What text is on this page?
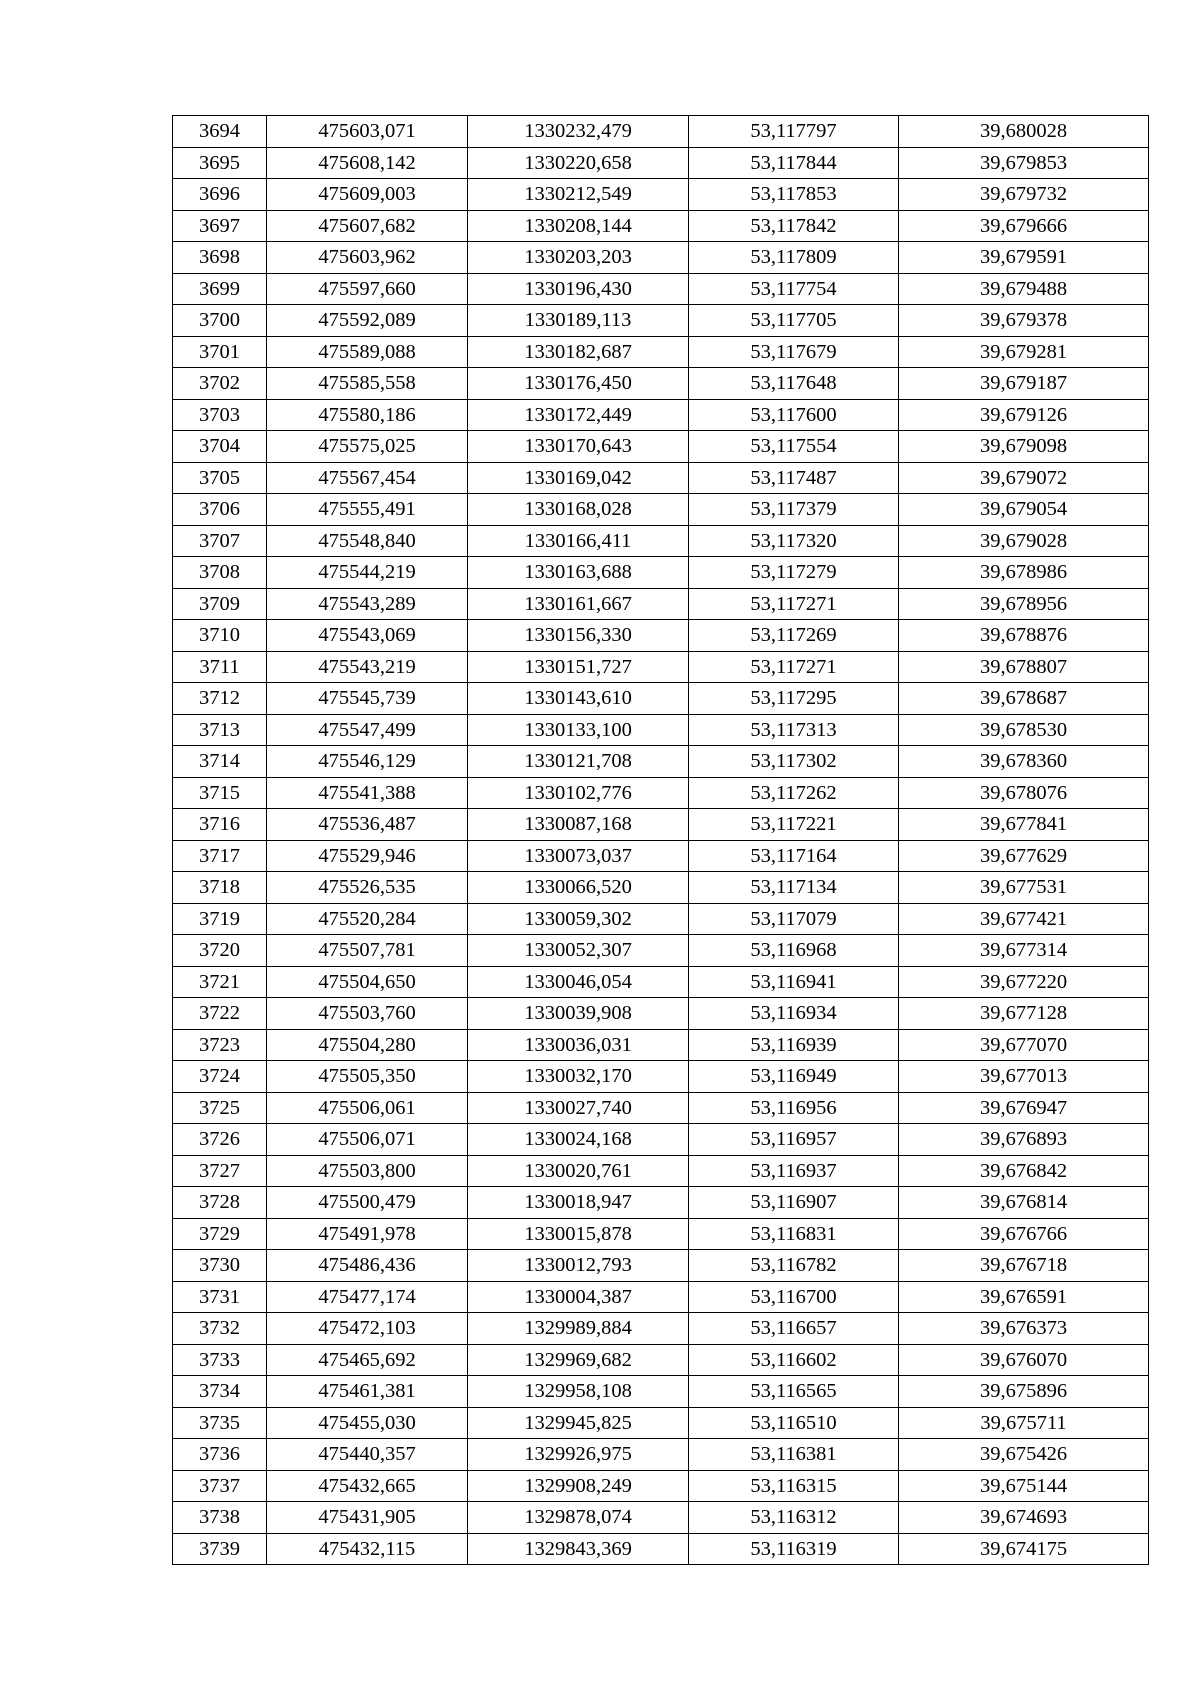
3694	475603,071	1330232,479	53,117797	39,680028
3695	475608,142	1330220,658	53,117844	39,679853
3696	475609,003	1330212,549	53,117853	39,679732
3697	475607,682	1330208,144	53,117842	39,679666
3698	475603,962	1330203,203	53,117809	39,679591
3699	475597,660	1330196,430	53,117754	39,679488
3700	475592,089	1330189,113	53,117705	39,679378
3701	475589,088	1330182,687	53,117679	39,679281
3702	475585,558	1330176,450	53,117648	39,679187
3703	475580,186	1330172,449	53,117600	39,679126
3704	475575,025	1330170,643	53,117554	39,679098
3705	475567,454	1330169,042	53,117487	39,679072
3706	475555,491	1330168,028	53,117379	39,679054
3707	475548,840	1330166,411	53,117320	39,679028
3708	475544,219	1330163,688	53,117279	39,678986
3709	475543,289	1330161,667	53,117271	39,678956
3710	475543,069	1330156,330	53,117269	39,678876
3711	475543,219	1330151,727	53,117271	39,678807
3712	475545,739	1330143,610	53,117295	39,678687
3713	475547,499	1330133,100	53,117313	39,678530
3714	475546,129	1330121,708	53,117302	39,678360
3715	475541,388	1330102,776	53,117262	39,678076
3716	475536,487	1330087,168	53,117221	39,677841
3717	475529,946	1330073,037	53,117164	39,677629
3718	475526,535	1330066,520	53,117134	39,677531
3719	475520,284	1330059,302	53,117079	39,677421
3720	475507,781	1330052,307	53,116968	39,677314
3721	475504,650	1330046,054	53,116941	39,677220
3722	475503,760	1330039,908	53,116934	39,677128
3723	475504,280	1330036,031	53,116939	39,677070
3724	475505,350	1330032,170	53,116949	39,677013
3725	475506,061	1330027,740	53,116956	39,676947
3726	475506,071	1330024,168	53,116957	39,676893
3727	475503,800	1330020,761	53,116937	39,676842
3728	475500,479	1330018,947	53,116907	39,676814
3729	475491,978	1330015,878	53,116831	39,676766
3730	475486,436	1330012,793	53,116782	39,676718
3731	475477,174	1330004,387	53,116700	39,676591
3732	475472,103	1329989,884	53,116657	39,676373
3733	475465,692	1329969,682	53,116602	39,676070
3734	475461,381	1329958,108	53,116565	39,675896
3735	475455,030	1329945,825	53,116510	39,675711
3736	475440,357	1329926,975	53,116381	39,675426
3737	475432,665	1329908,249	53,116315	39,675144
3738	475431,905	1329878,074	53,116312	39,674693
3739	475432,115	1329843,369	53,116319	39,674175
